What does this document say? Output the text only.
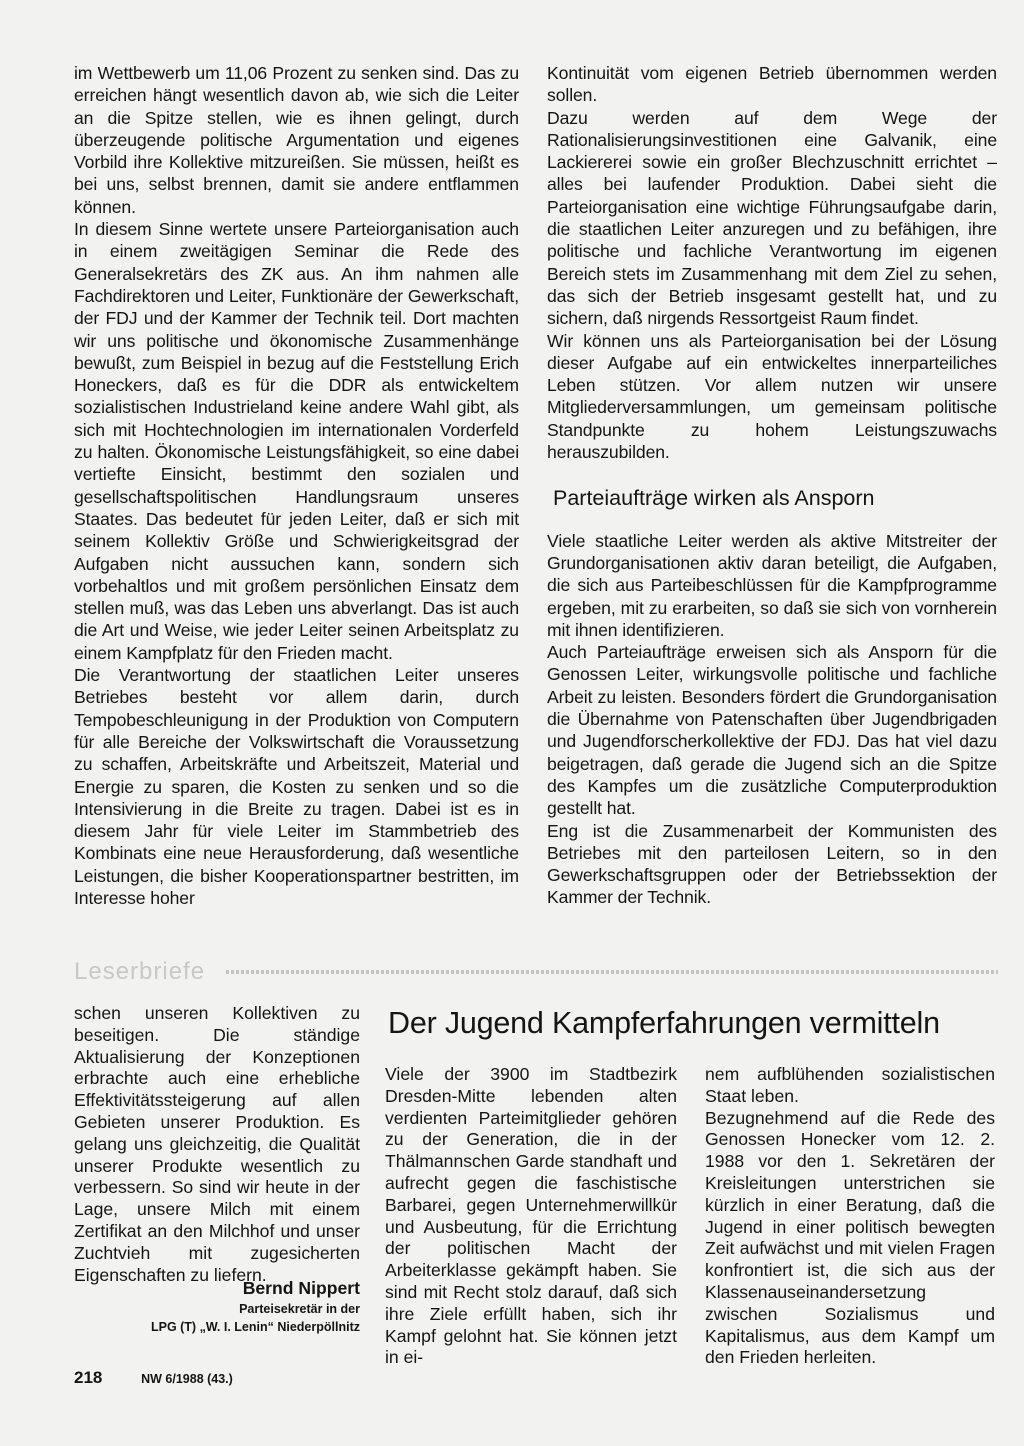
im Wettbewerb um 11,06 Prozent zu senken sind. Das zu erreichen hängt wesentlich davon ab, wie sich die Leiter an die Spitze stellen, wie es ihnen gelingt, durch überzeugende politische Argumentation und eigenes Vorbild ihre Kollektive mitzureißen. Sie müssen, heißt es bei uns, selbst brennen, damit sie andere entflammen können.

In diesem Sinne wertete unsere Parteiorganisation auch in einem zweitägigen Seminar die Rede des Generalsekretärs des ZK aus. An ihm nahmen alle Fachdirektoren und Leiter, Funktionäre der Gewerkschaft, der FDJ und der Kammer der Technik teil. Dort machten wir uns politische und ökonomische Zusammenhänge bewußt, zum Beispiel in bezug auf die Feststellung Erich Honeckers, daß es für die DDR als entwickeltem sozialistischen Industrieland keine andere Wahl gibt, als sich mit Hochtechnologien im internationalen Vorderfeld zu halten. Ökonomische Leistungsfähigkeit, so eine dabei vertiefte Einsicht, bestimmt den sozialen und gesellschaftspolitischen Handlungsraum unseres Staates. Das bedeutet für jeden Leiter, daß er sich mit seinem Kollektiv Größe und Schwierigkeitsgrad der Aufgaben nicht aussuchen kann, sondern sich vorbehaltlos und mit großem persönlichen Einsatz dem stellen muß, was das Leben uns abverlangt. Das ist auch die Art und Weise, wie jeder Leiter seinen Arbeitsplatz zu einem Kampfplatz für den Frieden macht.

Die Verantwortung der staatlichen Leiter unseres Betriebes besteht vor allem darin, durch Tempobeschleunigung in der Produktion von Computern für alle Bereiche der Volkswirtschaft die Voraussetzung zu schaffen, Arbeitskräfte und Arbeitszeit, Material und Energie zu sparen, die Kosten zu senken und so die Intensivierung in die Breite zu tragen. Dabei ist es in diesem Jahr für viele Leiter im Stammbetrieb des Kombinats eine neue Herausforderung, daß wesentliche Leistungen, die bisher Kooperationspartner bestritten, im Interesse hoher

Kontinuität vom eigenen Betrieb übernommen werden sollen.

Dazu werden auf dem Wege der Rationalisierungsinvestitionen eine Galvanik, eine Lackiererei sowie ein großer Blechzuschnitt errichtet – alles bei laufender Produktion. Dabei sieht die Parteiorganisation eine wichtige Führungsaufgabe darin, die staatlichen Leiter anzuregen und zu befähigen, ihre politische und fachliche Verantwortung im eigenen Bereich stets im Zusammenhang mit dem Ziel zu sehen, das sich der Betrieb insgesamt gestellt hat, und zu sichern, daß nirgends Ressortgeist Raum findet.

Wir können uns als Parteiorganisation bei der Lösung dieser Aufgabe auf ein entwickeltes innerparteiliches Leben stützen. Vor allem nutzen wir unsere Mitgliederversammlungen, um gemeinsam politische Standpunkte zu hohem Leistungszuwachs herauszubilden.

Parteiaufträge wirken als Ansporn

Viele staatliche Leiter werden als aktive Mitstreiter der Grundorganisationen aktiv daran beteiligt, die Aufgaben, die sich aus Parteibeschlüssen für die Kampfprogramme ergeben, mit zu erarbeiten, so daß sie sich von vornherein mit ihnen identifizieren.

Auch Parteiaufträge erweisen sich als Ansporn für die Genossen Leiter, wirkungsvolle politische und fachliche Arbeit zu leisten. Besonders fördert die Grundorganisation die Übernahme von Patenschaften über Jugendbrigaden und Jugendforscherkollektive der FDJ. Das hat viel dazu beigetragen, daß gerade die Jugend sich an die Spitze des Kampfes um die zusätzliche Computerproduktion gestellt hat.

Eng ist die Zusammenarbeit der Kommunisten des Betriebes mit den parteilosen Leitern, so in den Gewerkschaftsgruppen oder der Betriebssektion der Kammer der Technik.

Leserbriefe

schen unseren Kollektiven zu beseitigen. Die ständige Aktualisierung der Konzeptionen erbrachte auch eine erhebliche Effektivitätssteigerung auf allen Gebieten unserer Produktion. Es gelang uns gleichzeitig, die Qualität unserer Produkte wesentlich zu verbessern. So sind wir heute in der Lage, unsere Milch mit einem Zertifikat an den Milchhof und unser Zuchtvieh mit zugesicherten Eigenschaften zu liefern.

Bernd Nippert
Parteisekretär in der
LPG (T) „W. I. Lenin“ Niederpöllnitz
Der Jugend Kampferfahrungen vermitteln

Viele der 3900 im Stadtbezirk Dresden-Mitte lebenden alten verdienten Parteimitglieder gehören zu der Generation, die in der Thälmannschen Garde standhaft und aufrecht gegen die faschistische Barbarei, gegen Unternehmerwillkür und Ausbeutung, für die Errichtung der politischen Macht der Arbeiterklasse gekämpft haben. Sie sind mit Recht stolz darauf, daß sich ihre Ziele erfüllt haben, sich ihr Kampf gelohnt hat. Sie können jetzt in ei-

nem aufblühenden sozialistischen Staat leben.

Bezugnehmend auf die Rede des Genossen Honecker vom 12. 2. 1988 vor den 1. Sekretären der Kreisleitungen unterstrichen sie kürzlich in einer Beratung, daß die Jugend in einer politisch bewegten Zeit aufwächst und mit vielen Fragen konfrontiert ist, die sich aus der Klassenauseinandersetzung zwischen Sozialismus und Kapitalismus, aus dem Kampf um den Frieden herleiten.

218	NW 6/1988 (43.)
